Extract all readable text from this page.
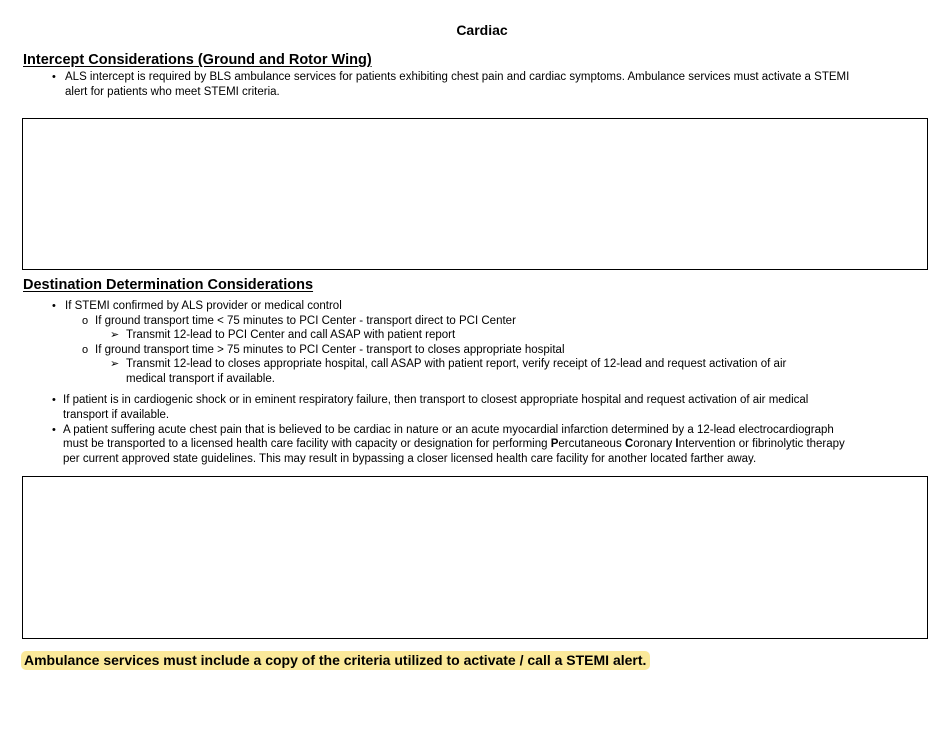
Cardiac
Intercept Considerations (Ground and Rotor Wing)
• ALS intercept is required by BLS ambulance services for patients exhibiting chest pain and cardiac symptoms. Ambulance services must activate a STEMI
alert for patients who meet STEMI criteria.
Destination Determination Considerations
• If STEMI confirmed by ALS provider or medical control
o If ground transport time < 75 minutes to PCI Center - transport direct to PCI Center
➢ Transmit 12-lead to PCI Center and call ASAP with patient report
o If ground transport time > 75 minutes to PCI Center - transport to closes appropriate hospital
➢ Transmit 12-lead to closes appropriate hospital, call ASAP with patient report, verify receipt of 12-lead and request activation of air
medical transport if available.
• If patient is in cardiogenic shock or in eminent respiratory failure, then transport to closest appropriate hospital and request activation of air medical
transport if available.
• A patient suffering acute chest pain that is believed to be cardiac in nature or an acute myocardial infarction determined by a 12-lead electrocardiograph
must be transported to a licensed health care facility with capacity or designation for performing Percutaneous Coronary Intervention or fibrinolytic therapy
per current approved state guidelines. This may result in bypassing a closer licensed health care facility for another located farther away.
Ambulance services must include a copy of the criteria utilized to activate / call a STEMI alert.
